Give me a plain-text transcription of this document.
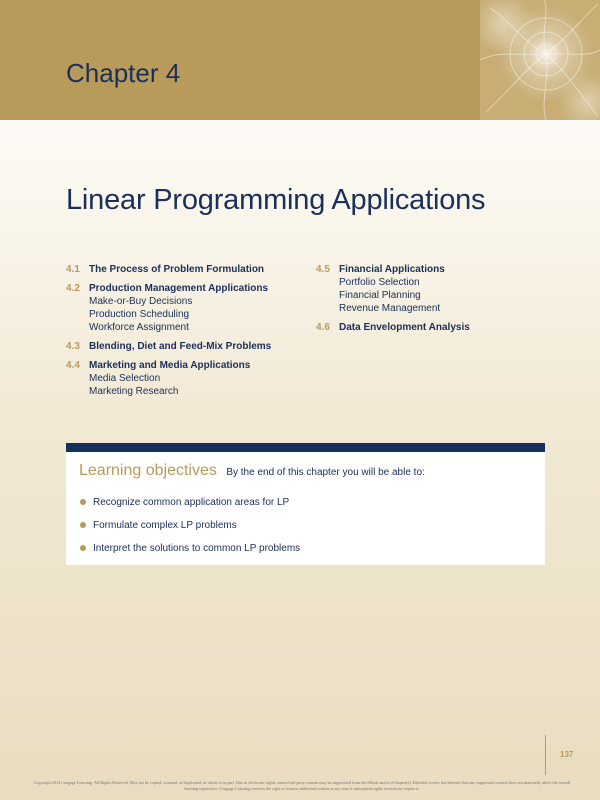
Chapter 4
Linear Programming Applications
4.1 The Process of Problem Formulation
4.2 Production Management Applications
Make-or-Buy Decisions
Production Scheduling
Workforce Assignment
4.3 Blending, Diet and Feed-Mix Problems
4.4 Marketing and Media Applications
Media Selection
Marketing Research
4.5 Financial Applications
Portfolio Selection
Financial Planning
Revenue Management
4.6 Data Envelopment Analysis
Learning objectives By the end of this chapter you will be able to:
Recognize common application areas for LP
Formulate complex LP problems
Interpret the solutions to common LP problems
137
Copyright 2014 Cengage Learning. All Rights Reserved. May not be copied, scanned, or duplicated, in whole or in part. Due to electronic rights, some third party content may be suppressed from the eBook and/or eChapter(s). Editorial review has deemed that any suppressed content does not materially affect the overall learning experience. Cengage Learning reserves the right to remove additional content at any time if subsequent rights restrictions require it.
